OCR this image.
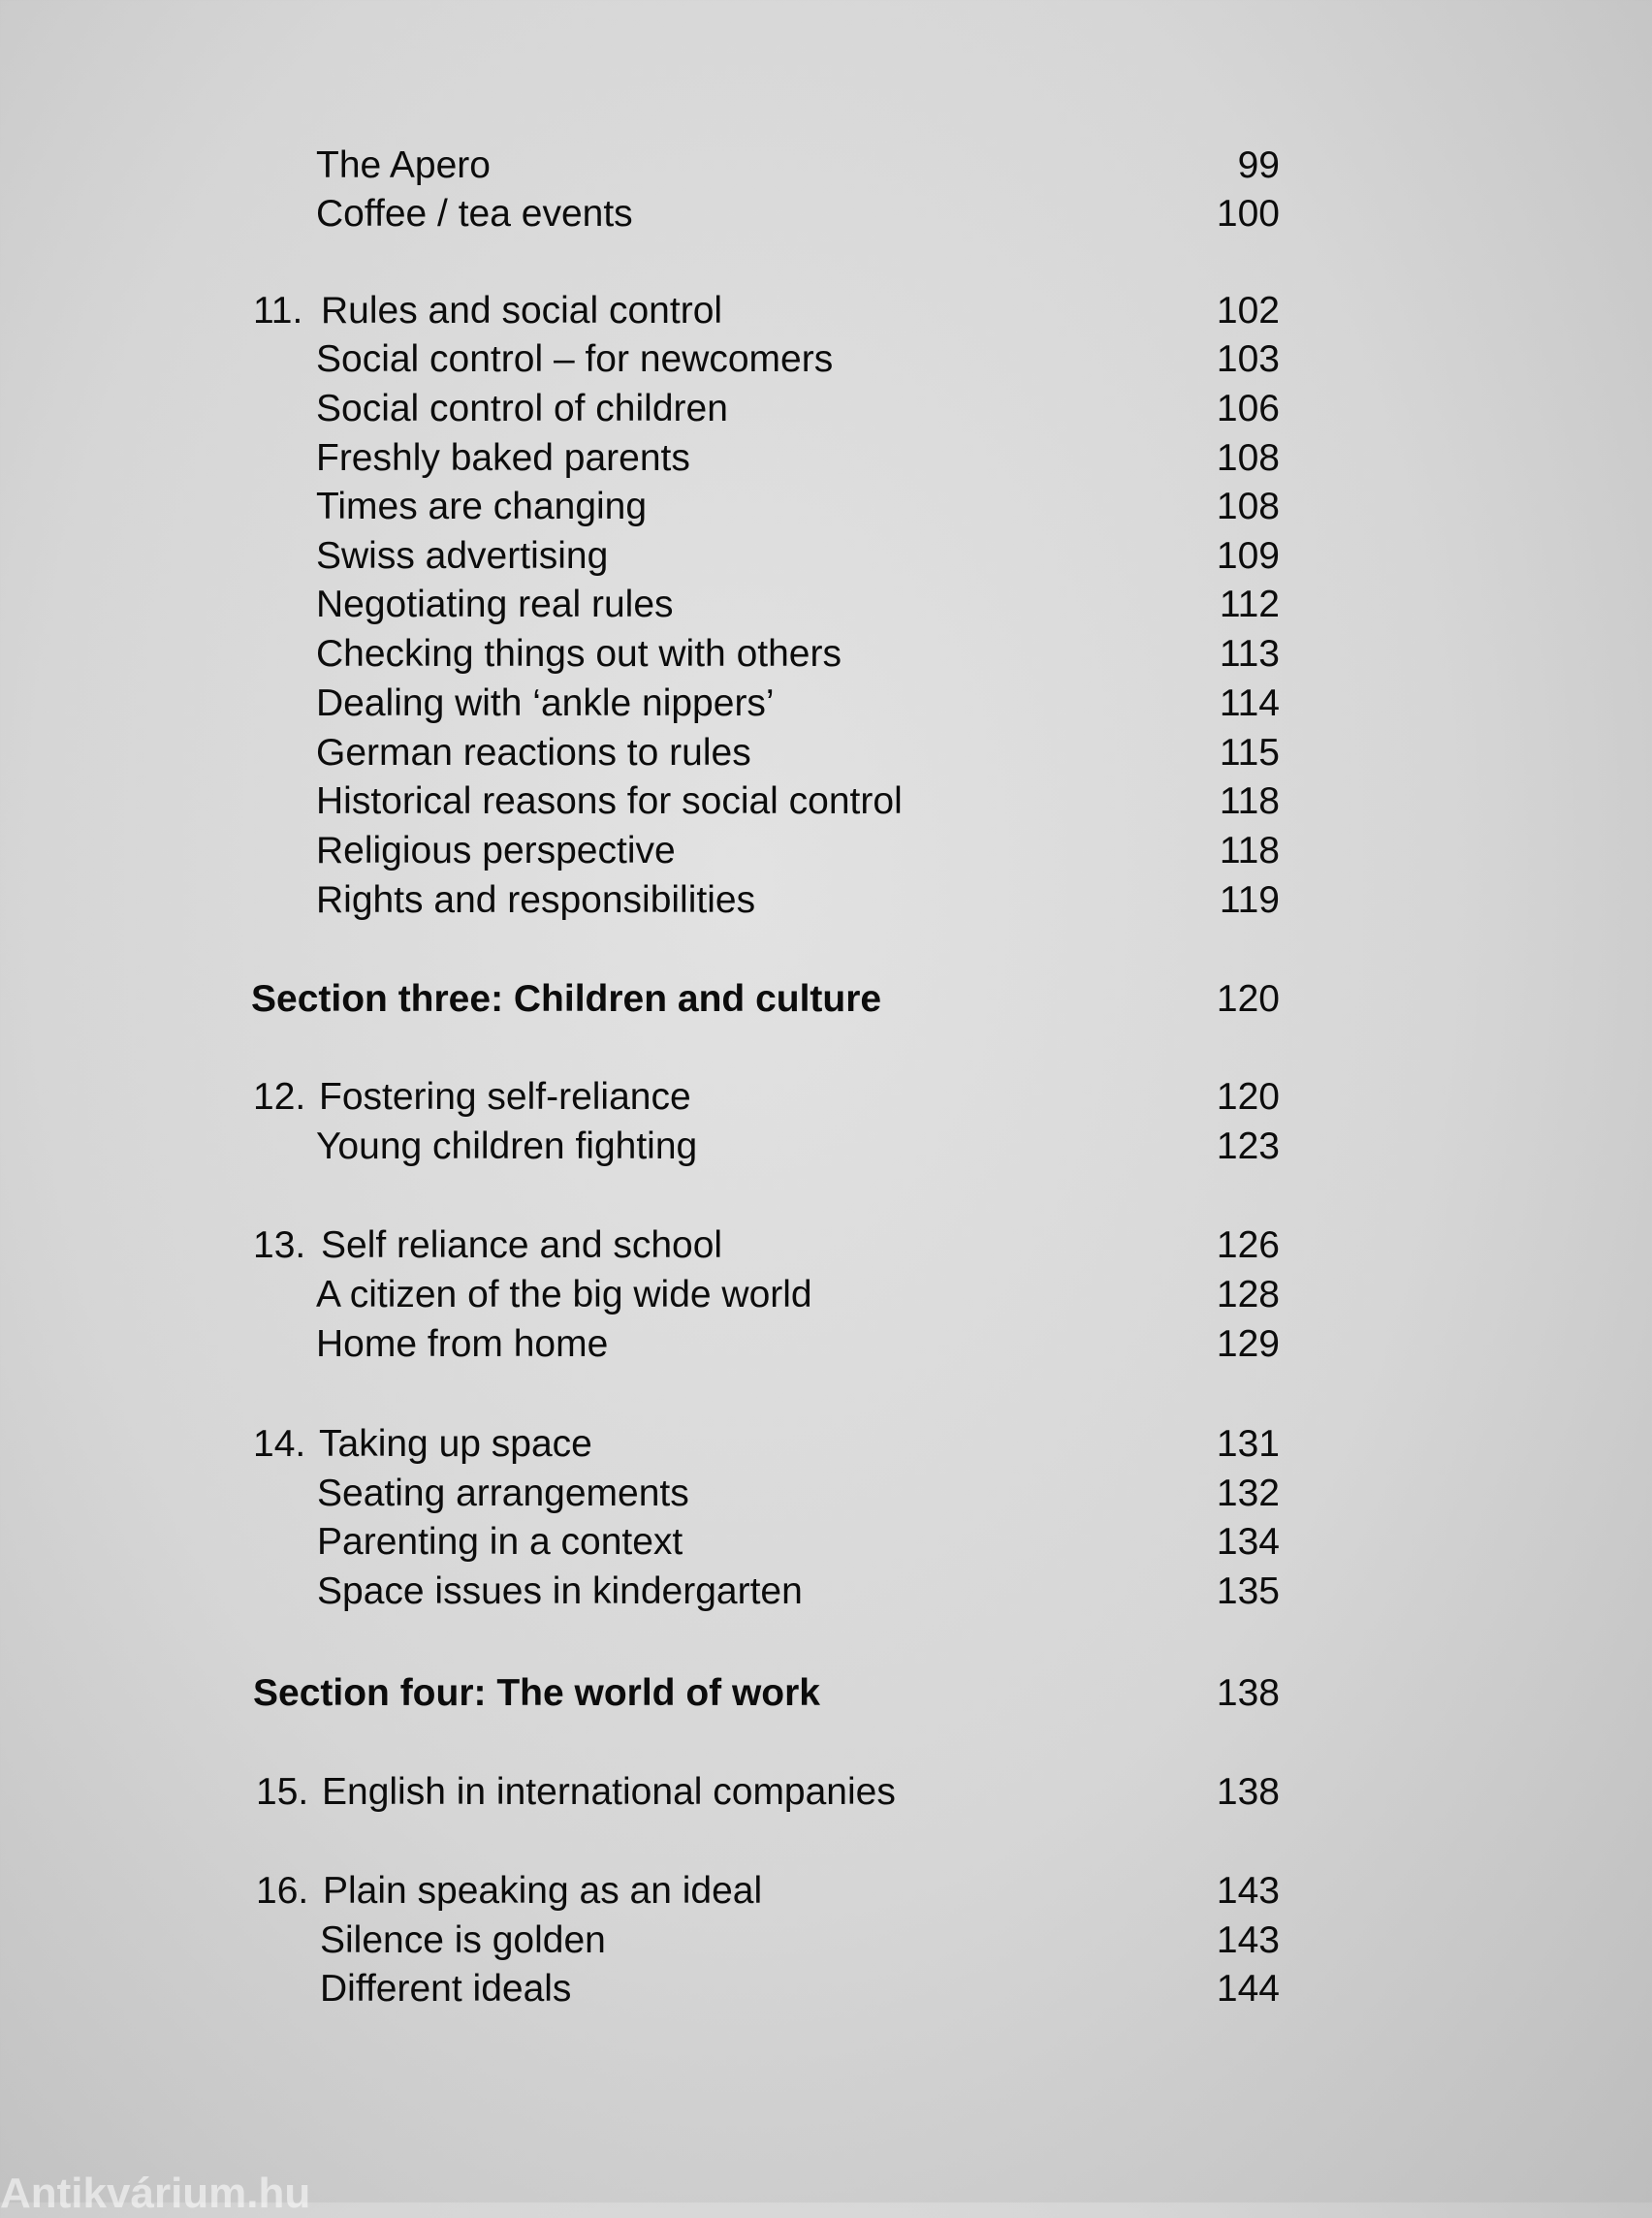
The Apero	99
Coffee / tea events	100
11. Rules and social control	102
Social control – for newcomers	103
Social control of children	106
Freshly baked parents	108
Times are changing	108
Swiss advertising	109
Negotiating real rules	112
Checking things out with others	113
Dealing with ‘ankle nippers’	114
German reactions to rules	115
Historical reasons for social control	118
Religious perspective	118
Rights and responsibilities	119
Section three: Children and culture	120
12. Fostering self-reliance	120
Young children fighting	123
13. Self reliance and school	126
A citizen of the big wide world	128
Home from home	129
14. Taking up space	131
Seating arrangements	132
Parenting in a context	134
Space issues in kindergarten	135
Section four: The world of work	138
15. English in international companies	138
16. Plain speaking as an ideal	143
Silence is golden	143
Different ideals	144
Antikvárium.hu
